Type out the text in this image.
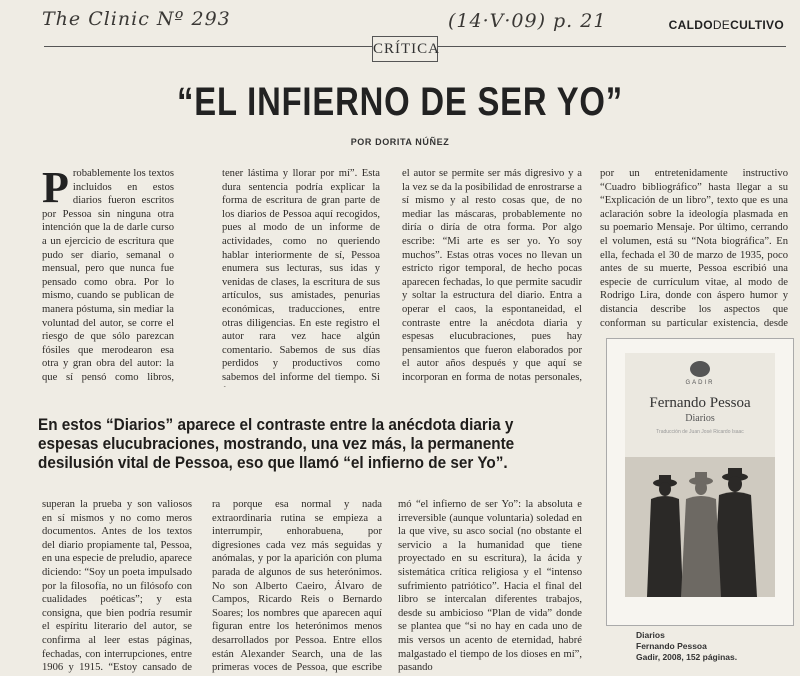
The Clinic Nº 293	(14·V·09) p. 21	CALDODECULTIVO
CRÍTICA
“EL INFIERNO DE SER YO”
POR DORITA NÚÑEZ

Probablemente los textos incluidos en estos diarios fueron escritos por Pessoa sin ninguna otra intención que la de darle curso a un ejercicio de escritura que pudo ser diario, semanal o mensual, pero que nunca fue pensado como obra. Por lo mismo, cuando se publican de manera póstuma, sin mediar la voluntad del autor, se corre el riesgo de que sólo parezcan fósiles que merodearon esa otra y gran obra del autor: la que sí pensó como libros,

tener lástima y llorar por mí”. Esta dura sentencia podría explicar la forma de escritura de gran parte de los diarios de Pessoa aquí recogidos, pues al modo de un informe de actividades, como no queriendo hablar interiormente de sí, Pessoa enumera sus lecturas, sus idas y venidas de clases, la escritura de sus artículos, sus amistades, penurias económicas, traducciones, entre otras diligencias. En este registro el autor rara vez hace algún comentario. Sabemos de sus días perdidos y productivos como sabemos del informe del tiempo. Si

el autor se permite ser más digresivo y a la vez se da la posibilidad de enrostrarse a sí mismo y al resto cosas que, de no mediar las máscaras, probablemente no diría o diría de otra forma. Por algo escribe: “Mi arte es ser yo. Yo soy muchos”. Estas otras voces no llevan un estricto rigor temporal, de hecho pocas aparecen fechadas, lo que permite sacudir y soltar la estructura del diario. Entra a operar el caos, la espontaneidad, el contraste entre la anécdota diaria y espesas elucubraciones, pues hay pensamientos que fueron elaborados por el autor años después y que aquí se incorporan en forma de notas personales,

por un entretenidamente instructivo “Cuadro bibliográfico” hasta llegar a su “Explicación de un libro”, texto que es una aclaración sobre la ideología plasmada en su poemario Mensaje. Por último, cerrando el volumen, está su “Nota biográfica”. En ella, fechada el 30 de marzo de 1935, poco antes de su muerte, Pessoa escribió una especie de currículum vitae, al modo de Rodrigo Lira, donde con áspero humor y distancia describe los aspectos que conforman su particular existencia, desde

En estos “Diarios” aparece el contraste entre la anécdota diaria y espesas elucubraciones, mostrando, una vez más, la permanente desilusión vital de Pessoa, eso que llamó “el infierno de ser Yo”.

superan la prueba y son valiosos en sí mismos y no como meros documentos. Antes de los textos del diario propiamente tal, Pessoa, en una especie de preludio, aparece diciendo: “Soy un poeta impulsado por la filosofía, no un filósofo con cualidades poéticas”; y esta consigna, que bien podría resumir el espíritu literario del autor, se confirma al leer estas páginas, fechadas, con interrupciones, entre 1906 y 1915. “Estoy cansado de

ra porque esa normal y nada extraordinaria rutina se empieza a interrumpir, enhorabuena, por digresiones cada vez más seguidas y anómalas, y por la aparición con pluma parada de algunos de sus heterónimos. No son Alberto Caeiro, Álvaro de Campos, Ricardo Reis o Bernardo Soares; los nombres que aparecen aquí figuran entre los heterónimos menos desarrollados por Pessoa. Entre ellos están Alexander Search, una de las primeras voces de Pessoa, que escribe

mó “el infierno de ser Yo”: la absoluta e irreversible (aunque voluntaria) soledad en la que vive, su asco social (no obstante el servicio a la humanidad que tiene proyectado en su escritura), la ácida y sistemática crítica religiosa y el “intenso sufrimiento patriótico”. Hacia el final del libro se intercalan diferentes trabajos, desde su ambicioso “Plan de vida” donde se plantea que “si no hay en cada uno de mis versos un acento de eternidad, habré malgastado el tiempo de los dioses en mí”, pasando

GADIR
Fernando Pessoa
Diarios
Traducción de Juan José Ricardo Isaac
Diarios
Fernando Pessoa
Gadir, 2008, 152 páginas.
